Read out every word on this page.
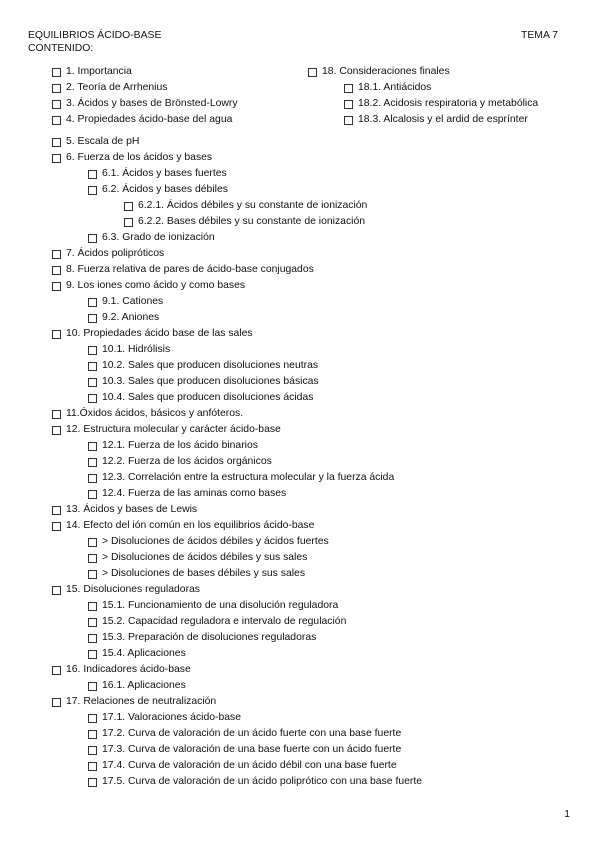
EQUILIBRIOS ÁCIDO-BASE
CONTENIDO:
TEMA 7
1. Importancia
2. Teoría de Arrhenius
3. Ácidos y bases de Brönsted-Lowry
4. Propiedades ácido-base del agua
18. Consideraciones finales
18.1. Antiácidos
18.2. Acidosis respiratoria y metabólica
18.3. Alcalosis y el ardid de esprínter
5. Escala de pH
6. Fuerza de los ácidos y bases
6.1. Ácidos y bases fuertes
6.2. Ácidos y bases débiles
6.2.1. Ácidos débiles y su constante de ionización
6.2.2. Bases débiles y su constante de ionización
6.3. Grado de ionización
7. Ácidos polipróticos
8. Fuerza relativa de pares de ácido-base conjugados
9. Los iones como ácido y como bases
9.1. Cationes
9.2. Aniones
10. Propiedades ácido base de las sales
10.1. Hidrólisis
10.2. Sales que producen disoluciones neutras
10.3. Sales que producen disoluciones básicas
10.4. Sales que producen disoluciones ácidas
11.Óxidos ácidos, básicos y anfóteros.
12. Estructura molecular y carácter ácido-base
12.1. Fuerza de los ácido binarios
12.2. Fuerza de los ácidos orgánicos
12.3. Correlación entre la estructura molecular y la fuerza ácida
12.4. Fuerza de las aminas como bases
13. Ácidos y bases de Lewis
14. Efecto del ión común en los equilibrios ácido-base
> Disoluciones de ácidos débiles y ácidos fuertes
> Disoluciones de ácidos débiles y sus sales
> Disoluciones de bases débiles y sus sales
15. Disoluciones reguladoras
15.1. Funcionamiento de una disolución reguladora
15.2. Capacidad reguladora e intervalo de regulación
15.3. Preparación de disoluciones reguladoras
15.4. Aplicaciones
16. Indicadores ácido-base
16.1. Aplicaciones
17. Relaciones de neutralización
17.1. Valoraciones ácido-base
17.2. Curva de valoración de un ácido fuerte con una base fuerte
17.3. Curva de valoración de una base fuerte con un ácido fuerte
17.4. Curva de valoración de un ácido débil con una base fuerte
17.5. Curva de valoración de un ácido poliprótico con una base fuerte
1
